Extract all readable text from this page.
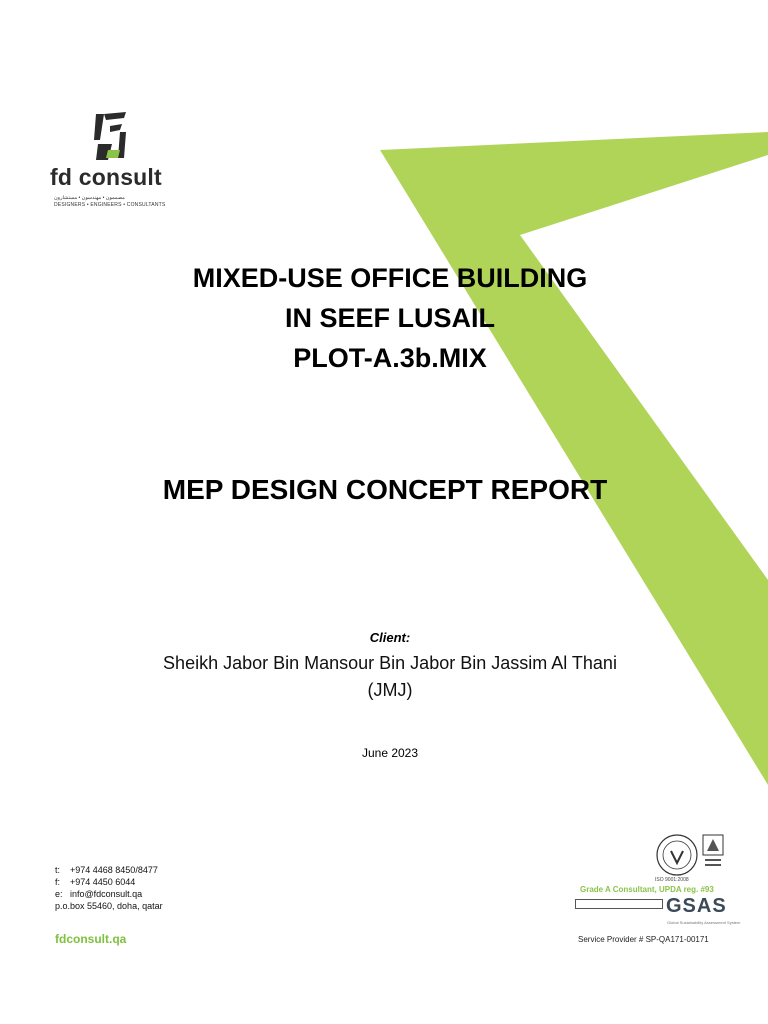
fd consult
مصممون • مهندسون • مستشارون
DESIGNERS • ENGINEERS • CONSULTANTS
MIXED-USE OFFICE BUILDING
IN SEEF LUSAIL
PLOT-A.3b.MIX
MEP DESIGN CONCEPT REPORT
Client:
Sheikh Jabor Bin Mansour Bin Jabor Bin Jassim Al Thani
(JMJ)
June 2023
t: +974 4468 8450/8477
f: +974 4450 6044
e: info@fdconsult.qa
p.o.box 55460, doha, qatar
fdconsult.qa
ISO 9001:2008
Grade A Consultant, UPDA reg. #93
GSAS
Global Sustainability Assessment System
Service Provider # SP-QA171-00171
